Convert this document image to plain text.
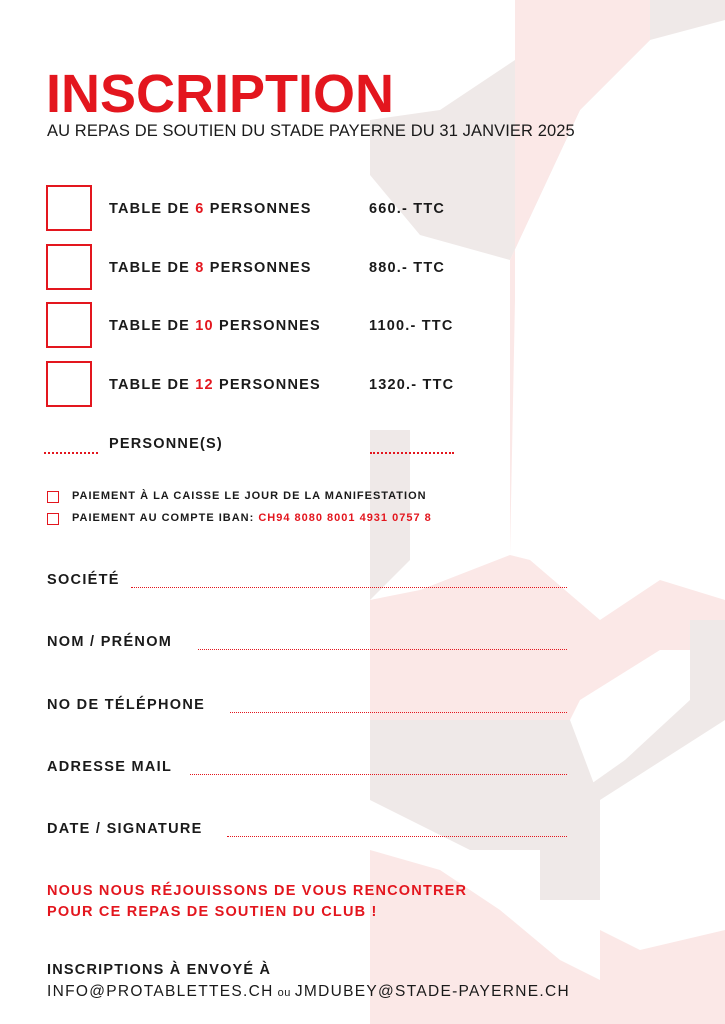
INSCRIPTION
AU REPAS DE SOUTIEN DU STADE PAYERNE DU 31 JANVIER 2025
TABLE DE 6 PERSONNES	660.- TTC
TABLE DE 8 PERSONNES	880.- TTC
TABLE DE 10 PERSONNES	1100.- TTC
TABLE DE 12 PERSONNES	1320.- TTC
PERSONNE(S)
PAIEMENT À LA CAISSE LE JOUR DE LA MANIFESTATION
PAIEMENT AU COMPTE IBAN: CH94 8080 8001 4931 0757 8
SOCIÉTÉ
NOM / PRÉNOM
NO DE TÉLÉPHONE
ADRESSE MAIL
DATE / SIGNATURE
NOUS NOUS RÉJOUISSONS DE VOUS RENCONTRER
POUR CE REPAS DE SOUTIEN DU CLUB !
INSCRIPTIONS À ENVOYÉ À
INFO@PROTABLETTES.CH ou JMDUBEY@STADE-PAYERNE.CH
